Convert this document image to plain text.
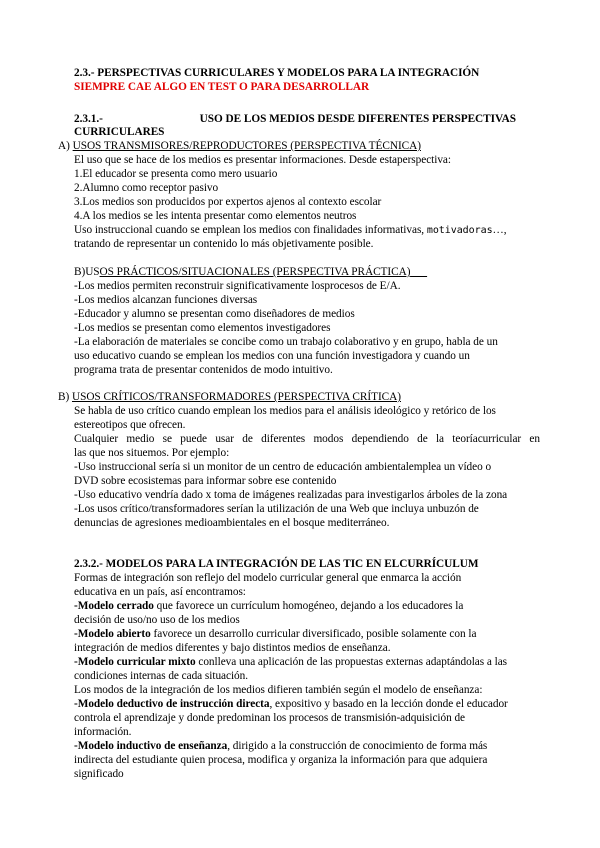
2.3.- PERSPECTIVAS CURRICULARES Y MODELOS PARA LA INTEGRACIÓN
SIEMPRE CAE ALGO EN TEST O PARA DESARROLLAR
2.3.1.-	USO DE LOS MEDIOS DESDE DIFERENTES PERSPECTIVAS
CURRICULARES
A) USOS TRANSMISORES/REPRODUCTORES (PERSPECTIVA TÉCNICA)
El uso que se hace de los medios es presentar informaciones. Desde estaperspectiva:
1.El educador se presenta como mero usuario
2.Alumno como receptor pasivo
3.Los medios son producidos por expertos ajenos al contexto escolar
4.A los medios se les intenta presentar como elementos neutros
Uso instruccional cuando se emplean los medios con finalidades informativas, motivadoras…,
tratando de representar un contenido lo más objetivamente posible.
B)USOS PRÁCTICOS/SITUACIONALES (PERSPECTIVA PRÁCTICA)
-Los medios permiten reconstruir significativamente losprocesos de E/A.
-Los medios alcanzan funciones diversas
-Educador y alumno se presentan como diseñadores de medios
-Los medios se presentan como elementos investigadores
-La elaboración de materiales se concibe como un trabajo colaborativo y en grupo, habla de un
uso educativo cuando se emplean los medios con una función investigadora y cuando un
programa trata de presentar contenidos de modo intuitivo.
B) USOS CRÍTICOS/TRANSFORMADORES (PERSPECTIVA CRÍTICA)
Se habla de uso crítico cuando emplean los medios para el análisis ideológico y retórico de los
estereotipos que ofrecen.
Cualquier medio se puede usar de diferentes modos dependiendo de la teoríacurricular en
las que nos situemos. Por ejemplo:
-Uso instruccional sería si un monitor de un centro de educación ambientalemplea un vídeo o
DVD sobre ecosistemas para informar sobre ese contenido
-Uso educativo vendría dado x toma de imágenes realizadas para investigarlos árboles de la zona
-Los usos crítico/transformadores serían la utilización de una Web que incluya unbuzón de
denuncias de agresiones medioambientales en el bosque mediterráneo.
2.3.2.- MODELOS PARA LA INTEGRACIÓN DE LAS TIC EN ELCURRÍCULUM
Formas de integración son reflejo del modelo curricular general que enmarca la acción
educativa en un país, así encontramos:
-Modelo cerrado que favorece un currículum homogéneo, dejando a los educadores la
decisión de uso/no uso de los medios
-Modelo abierto favorece un desarrollo curricular diversificado, posible solamente con la
integración de medios diferentes y bajo distintos medios de enseñanza.
-Modelo curricular mixto conlleva una aplicación de las propuestas externas adaptándolas a las
condiciones internas de cada situación.
Los modos de la integración de los medios difieren también según el modelo de enseñanza:
-Modelo deductivo de instrucción directa, expositivo y basado en la lección donde el educador
controla el aprendizaje y donde predominan los procesos de transmisión-adquisición de
información.
-Modelo inductivo de enseñanza, dirigido a la construcción de conocimiento de forma más
indirecta del estudiante quien procesa, modifica y organiza la información para que adquiera
significado
